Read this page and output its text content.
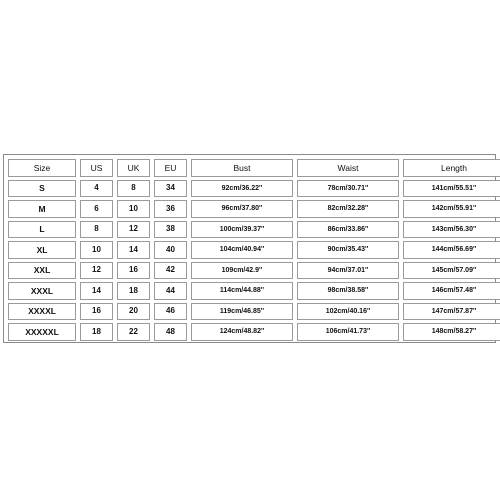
Size	US	UK	EU	Bust	Waist	Length
S	4	8	34	92cm/36.22''	78cm/30.71''	141cm/55.51''
M	6	10	36	96cm/37.80''	82cm/32.28''	142cm/55.91''
L	8	12	38	100cm/39.37''	86cm/33.86''	143cm/56.30''
XL	10	14	40	104cm/40.94''	90cm/35.43''	144cm/56.69''
XXL	12	16	42	109cm/42.9''	94cm/37.01''	145cm/57.09''
XXXL	14	18	44	114cm/44.88''	98cm/38.58''	146cm/57.48''
XXXXL	16	20	46	119cm/46.85''	102cm/40.16''	147cm/57.87''
XXXXXL	18	22	48	124cm/48.82''	106cm/41.73''	148cm/58.27''
